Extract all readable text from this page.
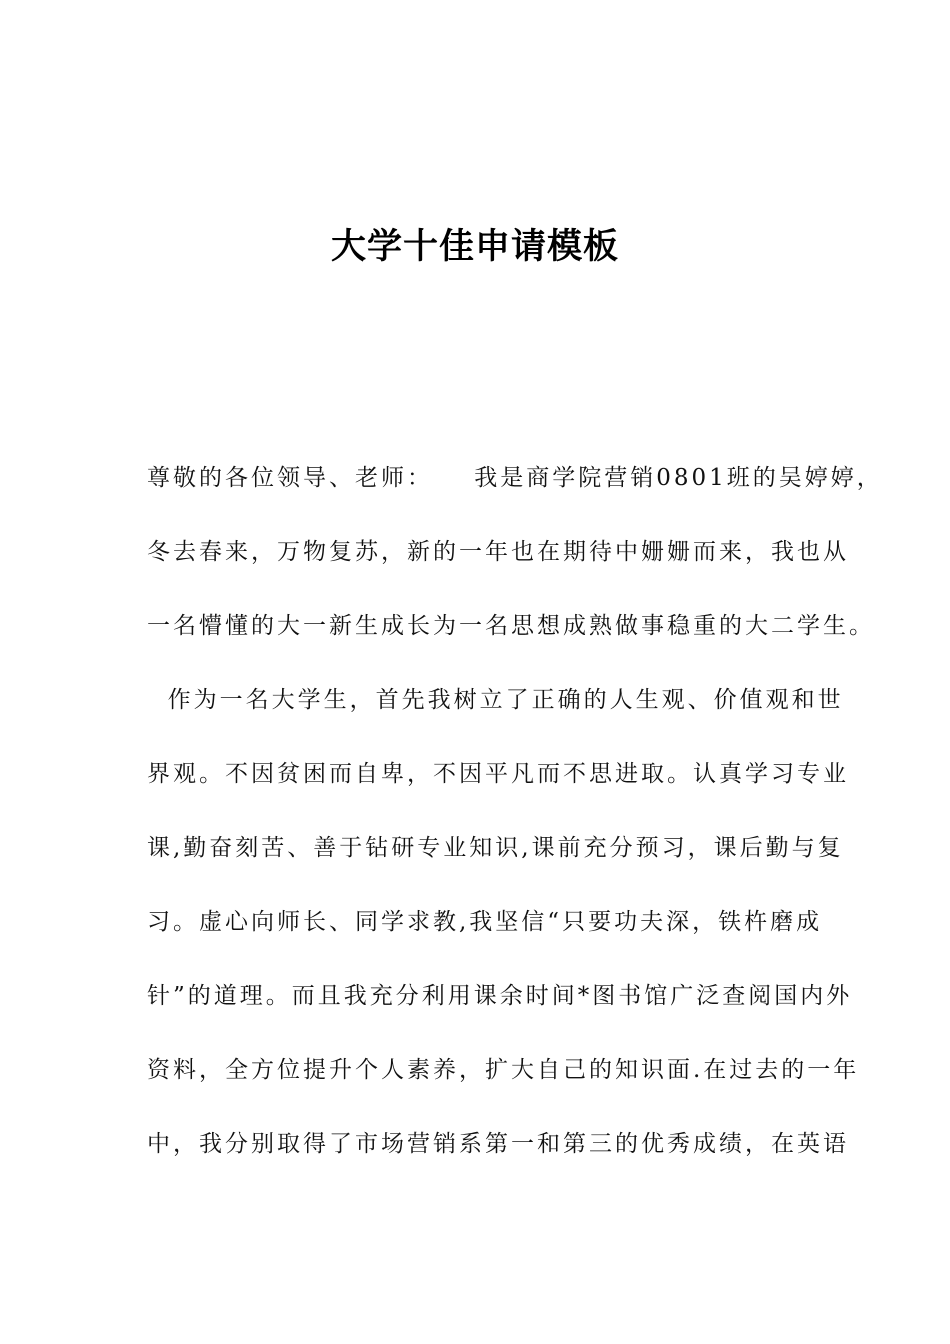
大学十佳申请模板
尊敬的各位领导、老师：    我是商学院营销0801班的吴婷婷，
冬去春来，万物复苏，新的一年也在期待中姗姗而来，我也从
一名懵懂的大一新生成长为一名思想成熟做事稳重的大二学生。
作为一名大学生，首先我树立了正确的人生观、价值观和世
界观。不因贫困而自卑，不因平凡而不思进取。认真学习专业
课,勤奋刻苦、善于钻研专业知识,课前充分预习，课后勤与复
习。虚心向师长、同学求教,我坚信“只要功夫深，铁杵磨成
针”的道理。而且我充分利用课余时间*图书馆广泛查阅国内外
资料，全方位提升个人素养，扩大自己的知识面.在过去的一年
中，我分别取得了市场营销系第一和第三的优秀成绩，在英语
